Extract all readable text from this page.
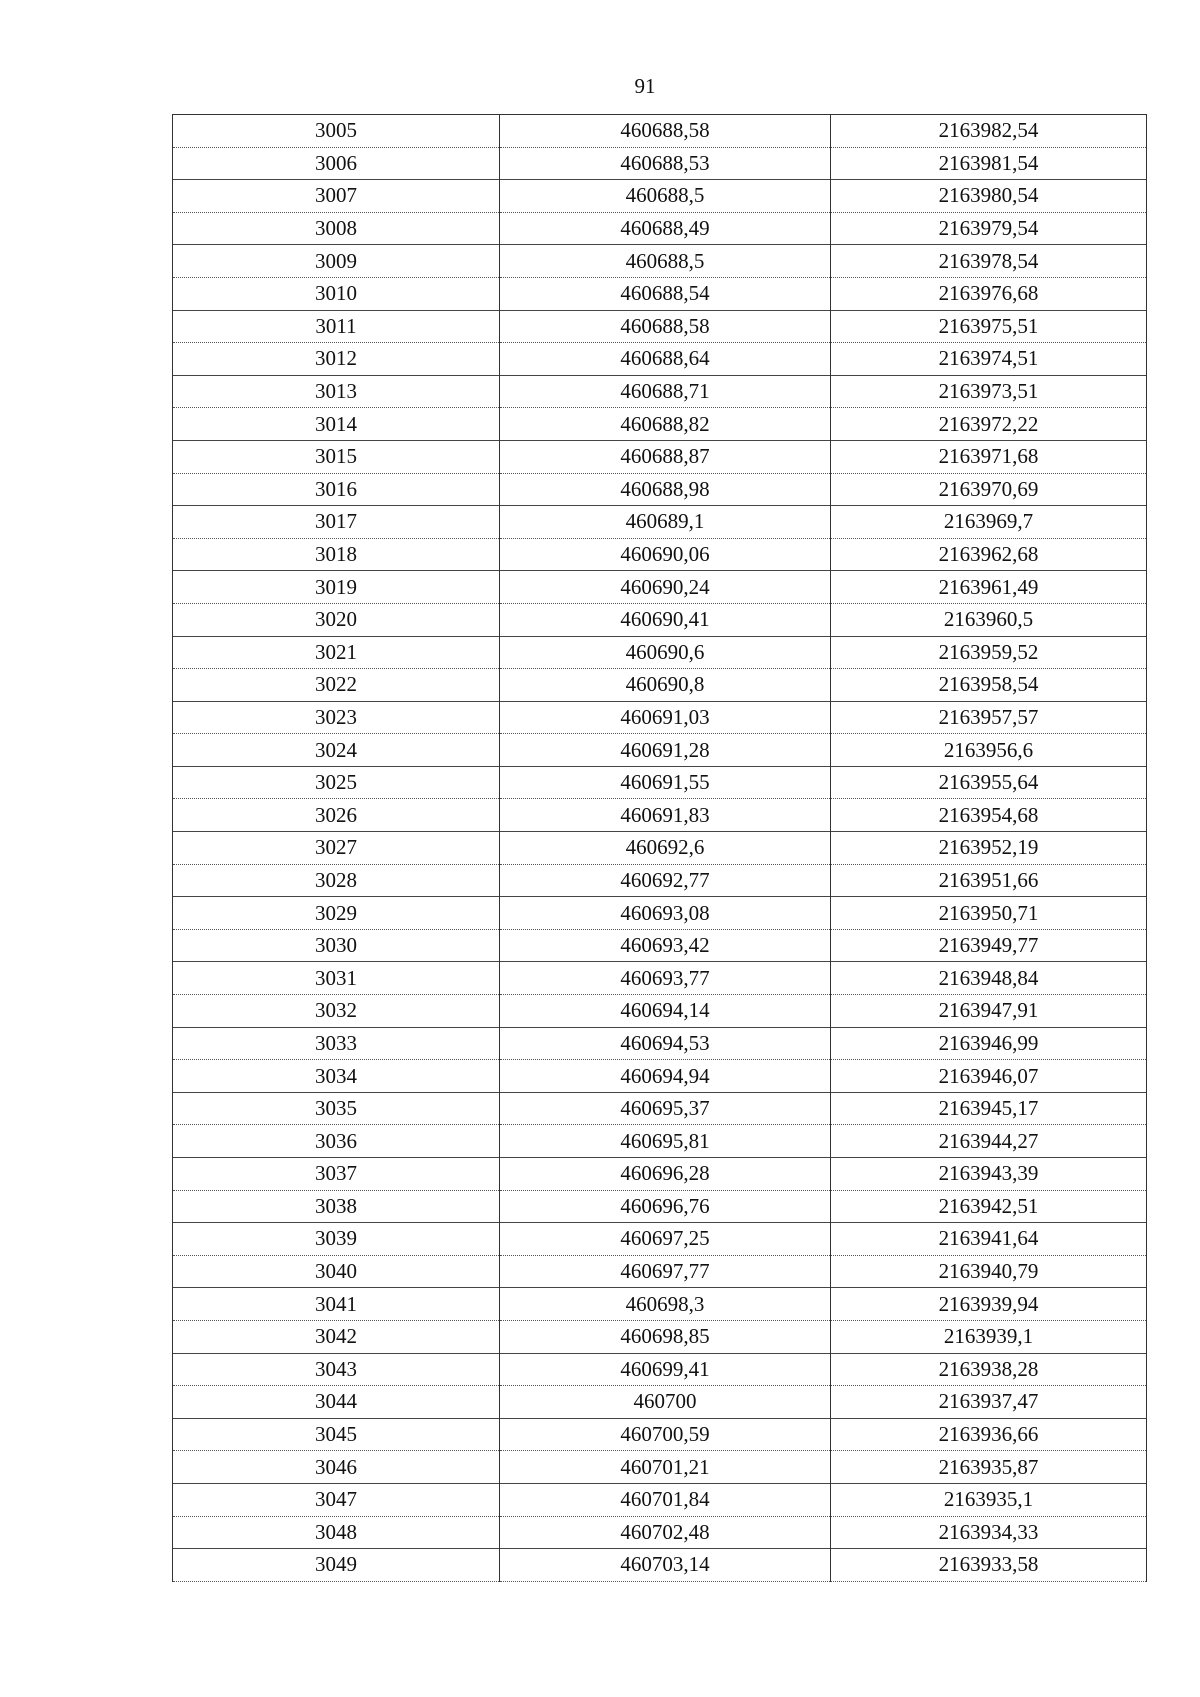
91
3005	460688,58	2163982,54
3006	460688,53	2163981,54
3007	460688,5	2163980,54
3008	460688,49	2163979,54
3009	460688,5	2163978,54
3010	460688,54	2163976,68
3011	460688,58	2163975,51
3012	460688,64	2163974,51
3013	460688,71	2163973,51
3014	460688,82	2163972,22
3015	460688,87	2163971,68
3016	460688,98	2163970,69
3017	460689,1	2163969,7
3018	460690,06	2163962,68
3019	460690,24	2163961,49
3020	460690,41	2163960,5
3021	460690,6	2163959,52
3022	460690,8	2163958,54
3023	460691,03	2163957,57
3024	460691,28	2163956,6
3025	460691,55	2163955,64
3026	460691,83	2163954,68
3027	460692,6	2163952,19
3028	460692,77	2163951,66
3029	460693,08	2163950,71
3030	460693,42	2163949,77
3031	460693,77	2163948,84
3032	460694,14	2163947,91
3033	460694,53	2163946,99
3034	460694,94	2163946,07
3035	460695,37	2163945,17
3036	460695,81	2163944,27
3037	460696,28	2163943,39
3038	460696,76	2163942,51
3039	460697,25	2163941,64
3040	460697,77	2163940,79
3041	460698,3	2163939,94
3042	460698,85	2163939,1
3043	460699,41	2163938,28
3044	460700	2163937,47
3045	460700,59	2163936,66
3046	460701,21	2163935,87
3047	460701,84	2163935,1
3048	460702,48	2163934,33
3049	460703,14	2163933,58
